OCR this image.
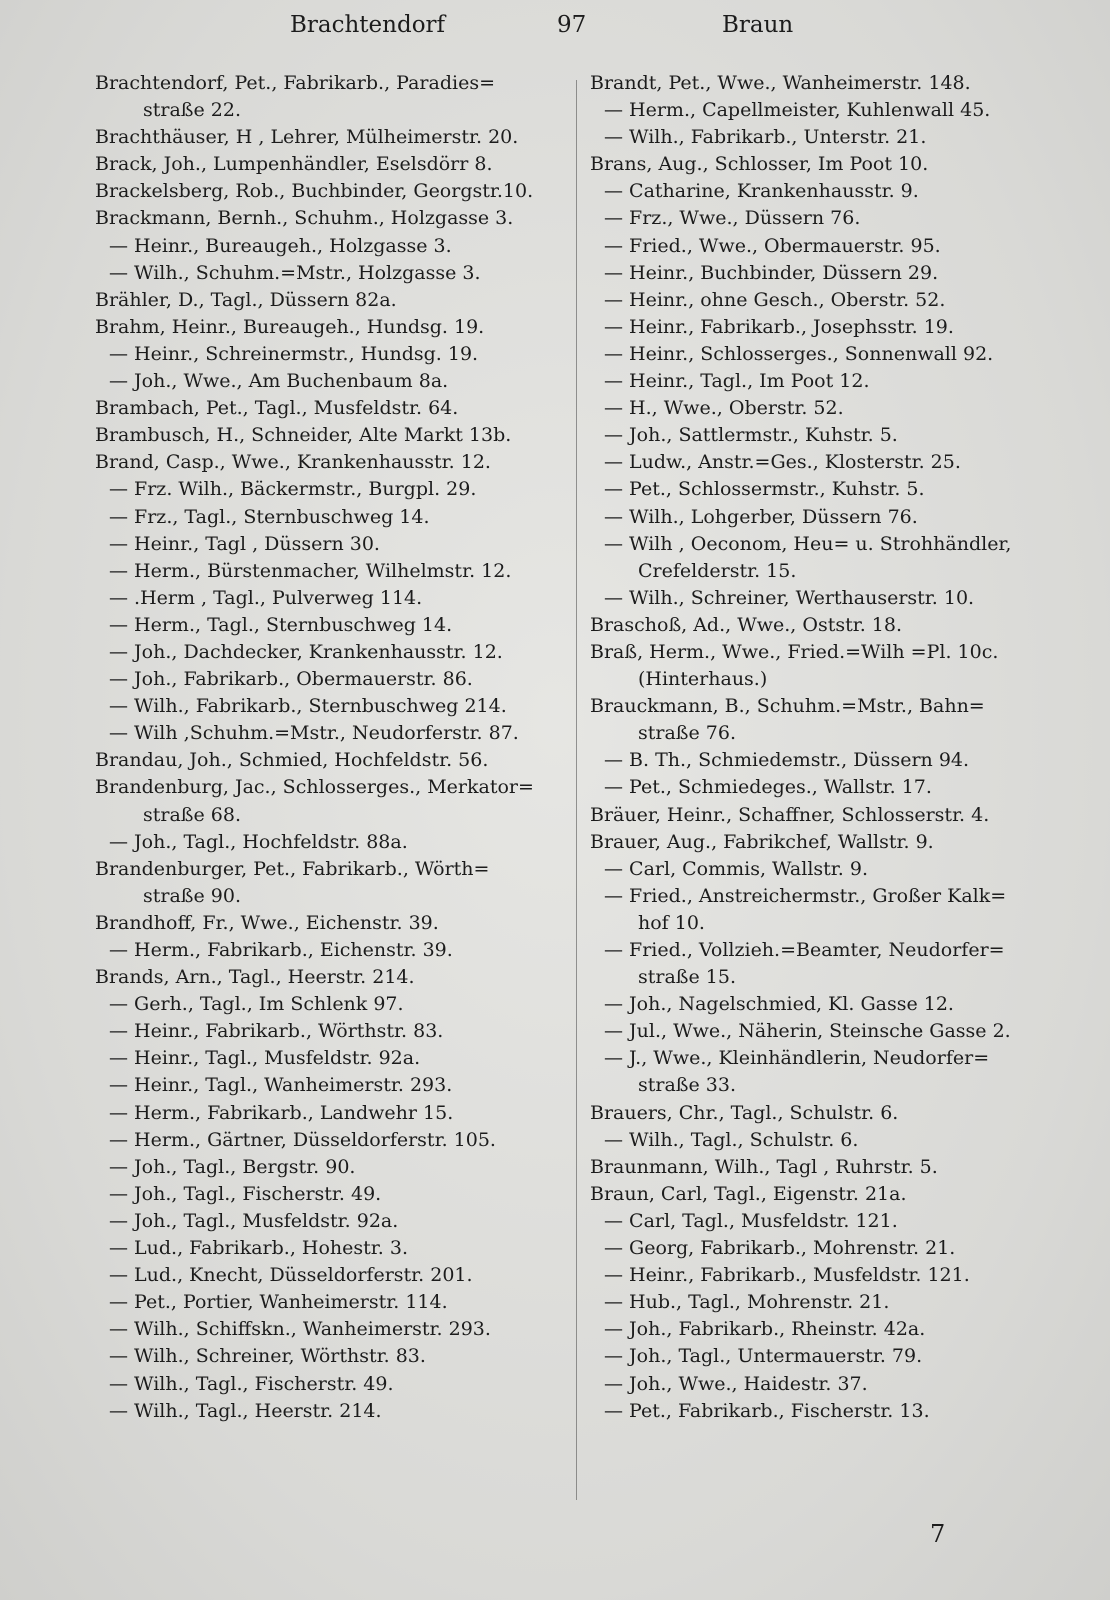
Brachtendorf	97	Braun
Brachtendorf, Pet., Fabrikarb., Paradies=
straße 22.
Brachthäuser, H , Lehrer, Mülheimerstr. 20.
Brack, Joh., Lumpenhändler, Eselsdörr 8.
Brackelsberg, Rob., Buchbinder, Georgstr.10.
Brackmann, Bernh., Schuhm., Holzgasse 3.
— Heinr., Bureaugeh., Holzgasse 3.
— Wilh., Schuhm.=Mstr., Holzgasse 3.
Brähler, D., Tagl., Düssern 82a.
Brahm, Heinr., Bureaugeh., Hundsg. 19.
— Heinr., Schreinermstr., Hundsg. 19.
— Joh., Wwe., Am Buchenbaum 8a.
Brambach, Pet., Tagl., Musfeldstr. 64.
Brambusch, H., Schneider, Alte Markt 13b.
Brand, Casp., Wwe., Krankenhausstr. 12.
— Frz. Wilh., Bäckermstr., Burgpl. 29.
— Frz., Tagl., Sternbuschweg 14.
— Heinr., Tagl , Düssern 30.
— Herm., Bürstenmacher, Wilhelmstr. 12.
— .Herm , Tagl., Pulverweg 114.
— Herm., Tagl., Sternbuschweg 14.
— Joh., Dachdecker, Krankenhausstr. 12.
— Joh., Fabrikarb., Obermauerstr. 86.
— Wilh., Fabrikarb., Sternbuschweg 214.
— Wilh ,Schuhm.=Mstr., Neudorferstr. 87.
Brandau, Joh., Schmied, Hochfeldstr. 56.
Brandenburg, Jac., Schlosserges., Merkator=
straße 68.
— Joh., Tagl., Hochfeldstr. 88a.
Brandenburger, Pet., Fabrikarb., Wörth=
straße 90.
Brandhoff, Fr., Wwe., Eichenstr. 39.
— Herm., Fabrikarb., Eichenstr. 39.
Brands, Arn., Tagl., Heerstr. 214.
— Gerh., Tagl., Im Schlenk 97.
— Heinr., Fabrikarb., Wörthstr. 83.
— Heinr., Tagl., Musfeldstr. 92a.
— Heinr., Tagl., Wanheimerstr. 293.
— Herm., Fabrikarb., Landwehr 15.
— Herm., Gärtner, Düsseldorferstr. 105.
— Joh., Tagl., Bergstr. 90.
— Joh., Tagl., Fischerstr. 49.
— Joh., Tagl., Musfeldstr. 92a.
— Lud., Fabrikarb., Hohestr. 3.
— Lud., Knecht, Düsseldorferstr. 201.
— Pet., Portier, Wanheimerstr. 114.
— Wilh., Schiffskn., Wanheimerstr. 293.
— Wilh., Schreiner, Wörthstr. 83.
— Wilh., Tagl., Fischerstr. 49.
— Wilh., Tagl., Heerstr. 214.
Brandt, Pet., Wwe., Wanheimerstr. 148.
— Herm., Capellmeister, Kuhlenwall 45.
— Wilh., Fabrikarb., Unterstr. 21.
Brans, Aug., Schlosser, Im Poot 10.
— Catharine, Krankenhausstr. 9.
— Frz., Wwe., Düssern 76.
— Fried., Wwe., Obermauerstr. 95.
— Heinr., Buchbinder, Düssern 29.
— Heinr., ohne Gesch., Oberstr. 52.
— Heinr., Fabrikarb., Josephsstr. 19.
— Heinr., Schlosserges., Sonnenwall 92.
— Heinr., Tagl., Im Poot 12.
— H., Wwe., Oberstr. 52.
— Joh., Sattlermstr., Kuhstr. 5.
— Ludw., Anstr.=Ges., Klosterstr. 25.
— Pet., Schlossermstr., Kuhstr. 5.
— Wilh., Lohgerber, Düssern 76.
— Wilh , Oeconom, Heu= u. Strohhändler,
Crefelderstr. 15.
— Wilh., Schreiner, Werthauserstr. 10.
Braschoß, Ad., Wwe., Oststr. 18.
Braß, Herm., Wwe., Fried.=Wilh =Pl. 10c.
(Hinterhaus.)
Brauckmann, B., Schuhm.=Mstr., Bahn=
straße 76.
— B. Th., Schmiedemstr., Düssern 94.
— Pet., Schmiedeges., Wallstr. 17.
Bräuer, Heinr., Schaffner, Schlosserstr. 4.
Brauer, Aug., Fabrikchef, Wallstr. 9.
— Carl, Commis, Wallstr. 9.
— Fried., Anstreichermstr., Großer Kalk=
hof 10.
— Fried., Vollzieh.=Beamter, Neudorfer=
straße 15.
— Joh., Nagelschmied, Kl. Gasse 12.
— Jul., Wwe., Näherin, Steinsche Gasse 2.
— J., Wwe., Kleinhändlerin, Neudorfer=
straße 33.
Brauers, Chr., Tagl., Schulstr. 6.
— Wilh., Tagl., Schulstr. 6.
Braunmann, Wilh., Tagl , Ruhrstr. 5.
Braun, Carl, Tagl., Eigenstr. 21a.
— Carl, Tagl., Musfeldstr. 121.
— Georg, Fabrikarb., Mohrenstr. 21.
— Heinr., Fabrikarb., Musfeldstr. 121.
— Hub., Tagl., Mohrenstr. 21.
— Joh., Fabrikarb., Rheinstr. 42a.
— Joh., Tagl., Untermauerstr. 79.
— Joh., Wwe., Haidestr. 37.
— Pet., Fabrikarb., Fischerstr. 13.
7
